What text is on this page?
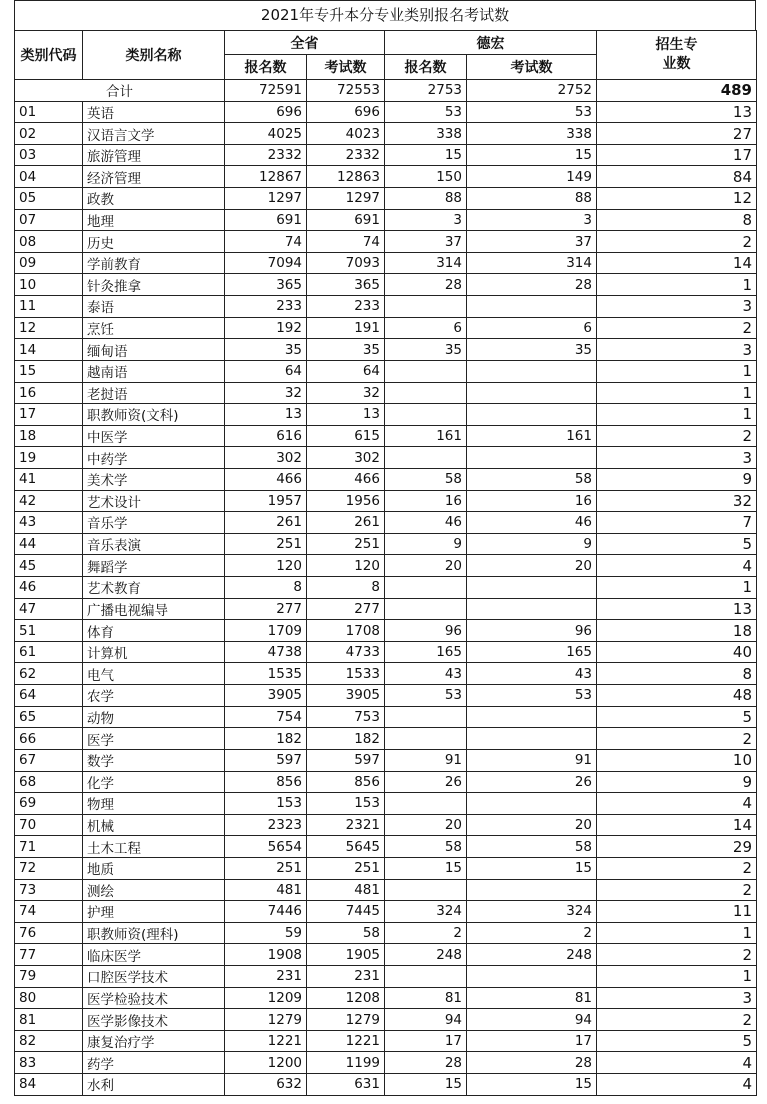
2021年专升本分专业类别报名考试数
类别代码	类别名称	全省		德宏		招生专
业数
		报名数	考试数	报名数	考试数	
合计		72591	72553	2753	2752	489
01	英语	696	696	53	53	13
02	汉语言文学	4025	4023	338	338	27
03	旅游管理	2332	2332	15	15	17
04	经济管理	12867	12863	150	149	84
05	政教	1297	1297	88	88	12
07	地理	691	691	3	3	8
08	历史	74	74	37	37	2
09	学前教育	7094	7093	314	314	14
10	针灸推拿	365	365	28	28	1
11	泰语	233	233			3
12	烹饪	192	191	6	6	2
14	缅甸语	35	35	35	35	3
15	越南语	64	64			1
16	老挝语	32	32			1
17	职教师资(文科)	13	13			1
18	中医学	616	615	161	161	2
19	中药学	302	302			3
41	美术学	466	466	58	58	9
42	艺术设计	1957	1956	16	16	32
43	音乐学	261	261	46	46	7
44	音乐表演	251	251	9	9	5
45	舞蹈学	120	120	20	20	4
46	艺术教育	8	8			1
47	广播电视编导	277	277			13
51	体育	1709	1708	96	96	18
61	计算机	4738	4733	165	165	40
62	电气	1535	1533	43	43	8
64	农学	3905	3905	53	53	48
65	动物	754	753			5
66	医学	182	182			2
67	数学	597	597	91	91	10
68	化学	856	856	26	26	9
69	物理	153	153			4
70	机械	2323	2321	20	20	14
71	土木工程	5654	5645	58	58	29
72	地质	251	251	15	15	2
73	测绘	481	481			2
74	护理	7446	7445	324	324	11
76	职教师资(理科)	59	58	2	2	1
77	临床医学	1908	1905	248	248	2
79	口腔医学技术	231	231			1
80	医学检验技术	1209	1208	81	81	3
81	医学影像技术	1279	1279	94	94	2
82	康复治疗学	1221	1221	17	17	5
83	药学	1200	1199	28	28	4
84	水利	632	631	15	15	4
